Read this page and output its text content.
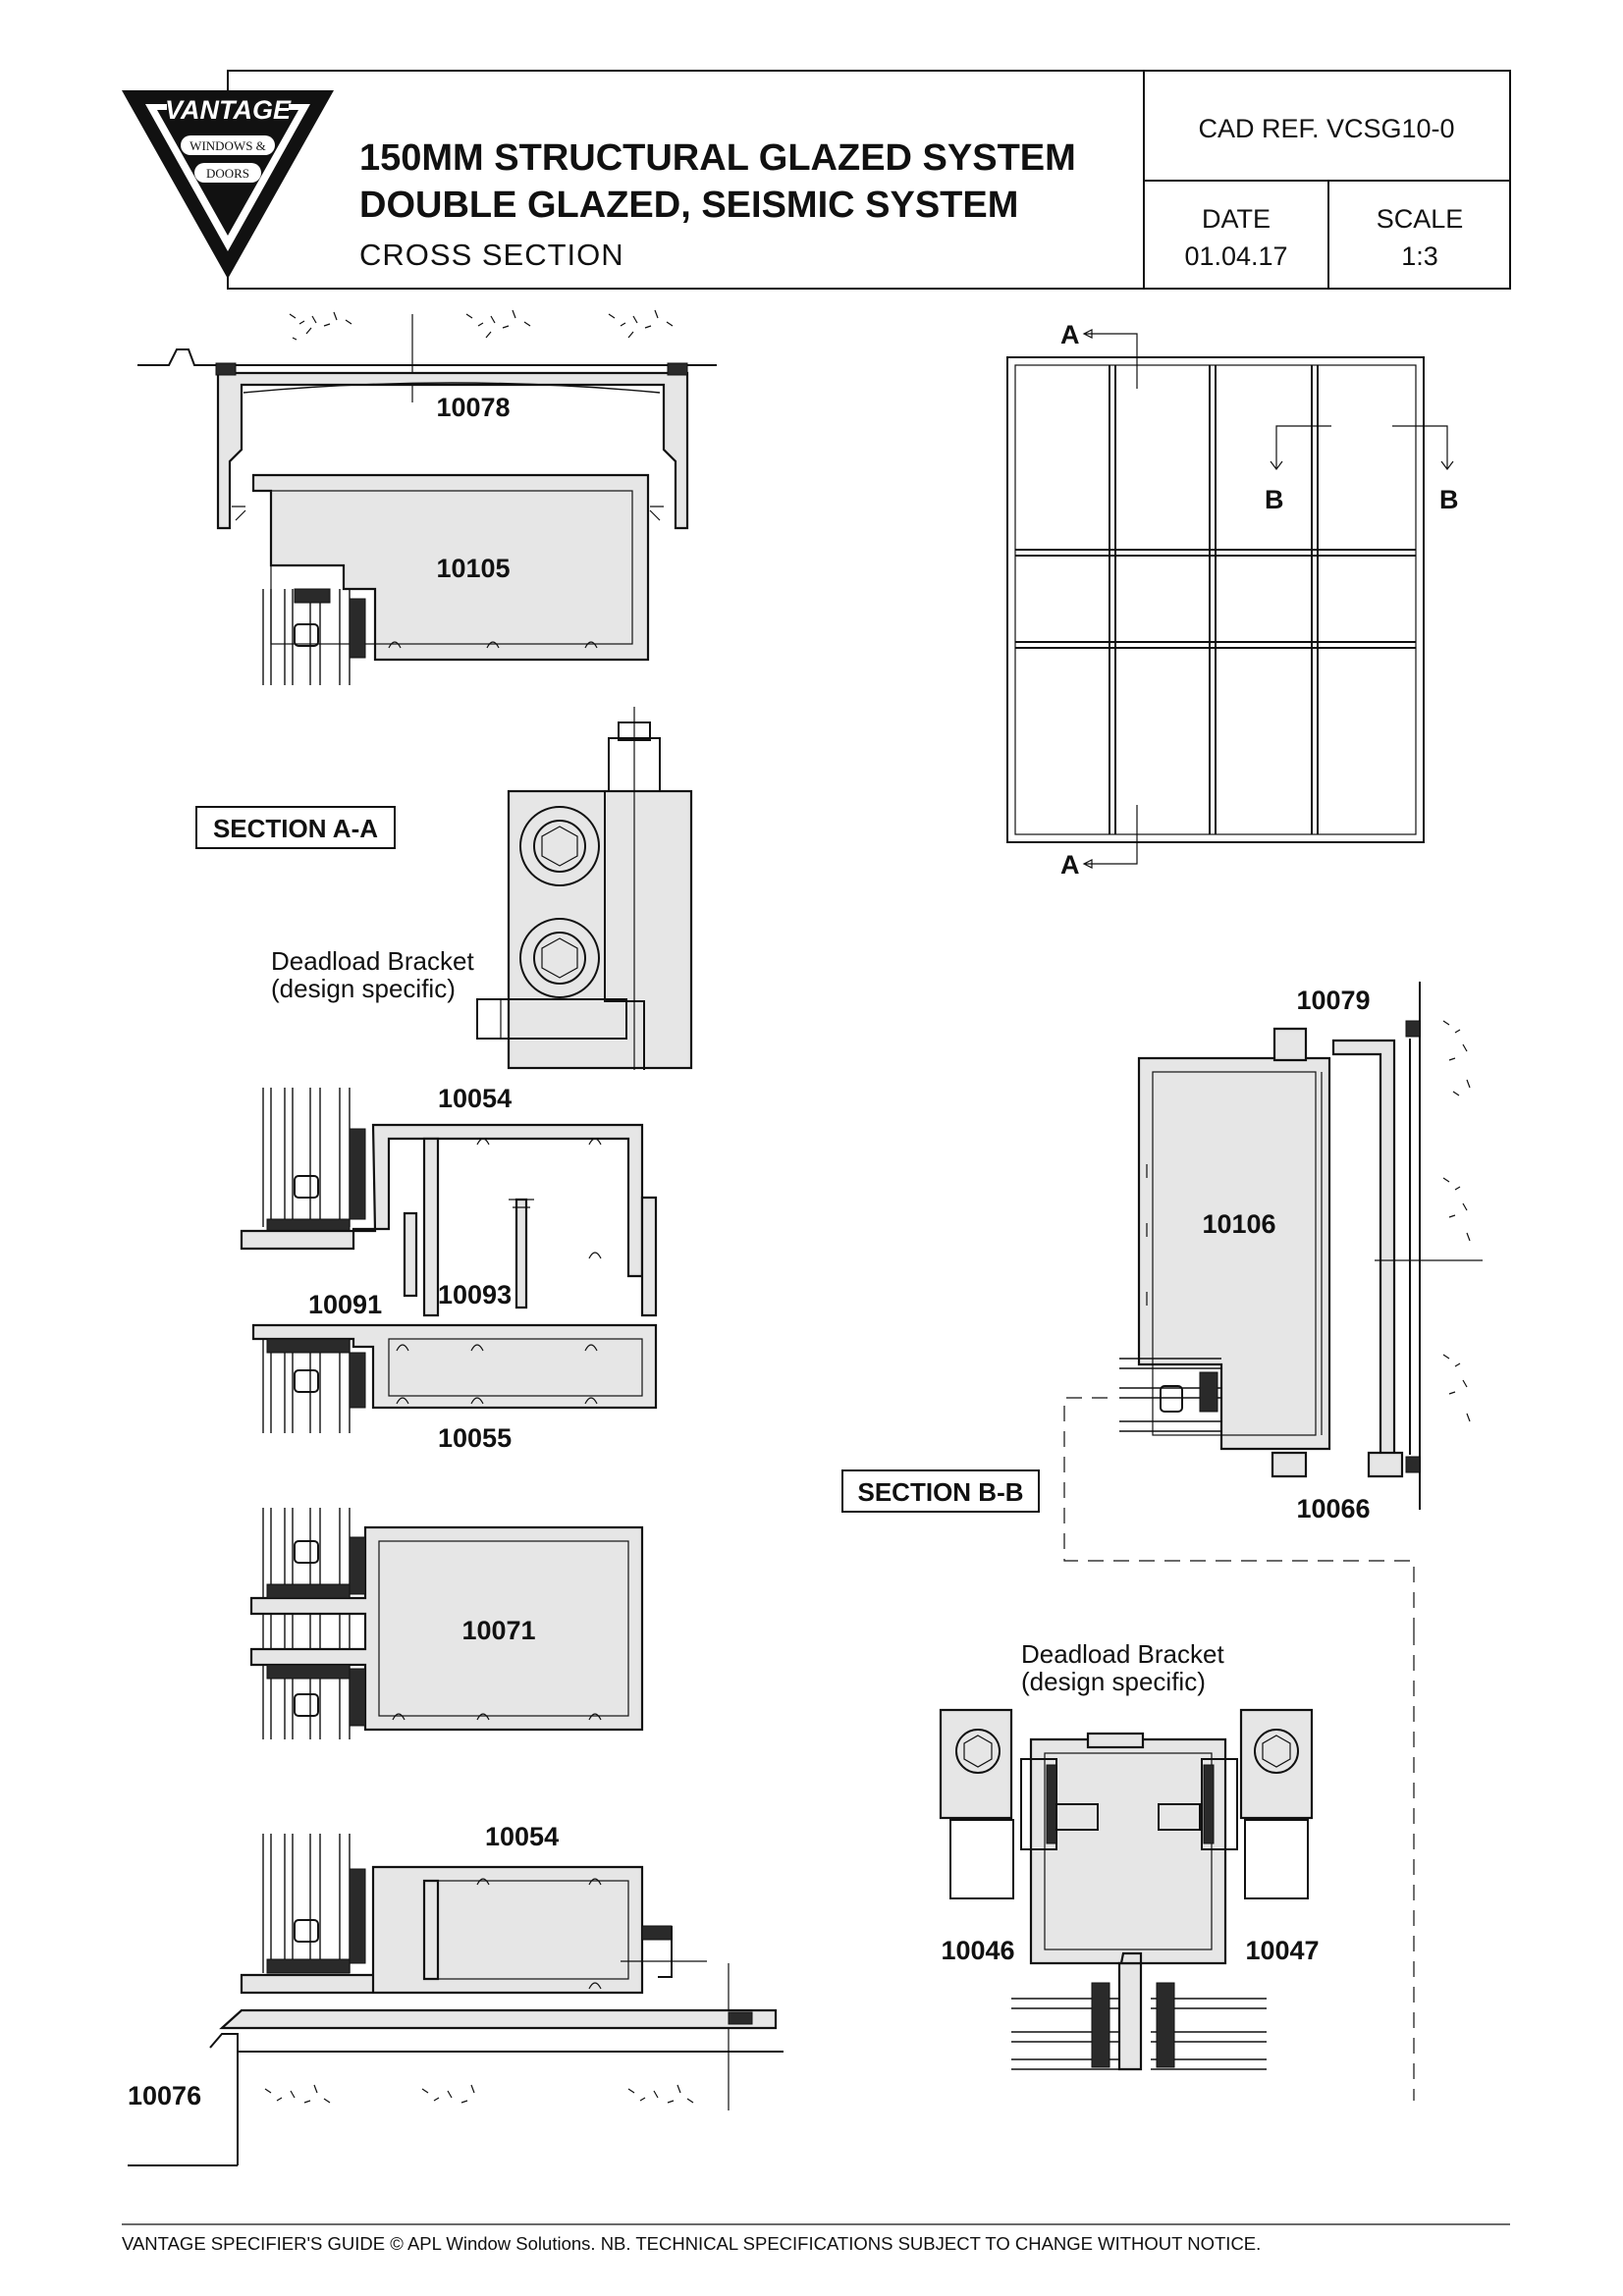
VANTAGE
WINDOWS &
DOORS	150MM STRUCTURAL GLAZED SYSTEM
DOUBLE GLAZED, SEISMIC SYSTEM
CROSS SECTION
CAD REF. VCSG10-0
DATE
01.04.17
SCALE
1:3
10078
10105
A
A
B	B
SECTION A-A
Deadload Bracket
(design specific)
10054
10093
10091
10055
10071
10054
10076
10079
10106
10066
SECTION B-B
Deadload Bracket
(design specific)
10046	10047
VANTAGE SPECIFIER'S GUIDE © APL Window Solutions. NB. TECHNICAL SPECIFICATIONS SUBJECT TO CHANGE WITHOUT NOTICE.
